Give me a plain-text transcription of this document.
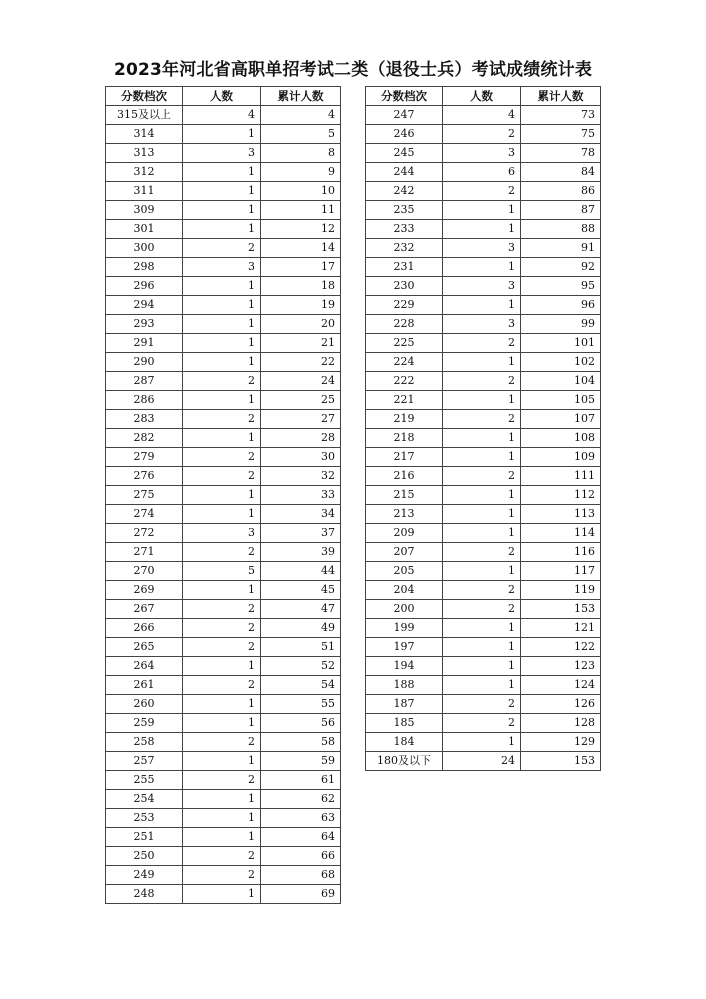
2023年河北省高职单招考试二类（退役士兵）考试成绩统计表
分数档次	人数	累计人数
315及以上	4	4
314	1	5
313	3	8
312	1	9
311	1	10
309	1	11
301	1	12
300	2	14
298	3	17
296	1	18
294	1	19
293	1	20
291	1	21
290	1	22
287	2	24
286	1	25
283	2	27
282	1	28
279	2	30
276	2	32
275	1	33
274	1	34
272	3	37
271	2	39
270	5	44
269	1	45
267	2	47
266	2	49
265	2	51
264	1	52
261	2	54
260	1	55
259	1	56
258	2	58
257	1	59
255	2	61
254	1	62
253	1	63
251	1	64
250	2	66
249	2	68
248	1	69
分数档次	人数	累计人数
247	4	73
246	2	75
245	3	78
244	6	84
242	2	86
235	1	87
233	1	88
232	3	91
231	1	92
230	3	95
229	1	96
228	3	99
225	2	101
224	1	102
222	2	104
221	1	105
219	2	107
218	1	108
217	1	109
216	2	111
215	1	112
213	1	113
209	1	114
207	2	116
205	1	117
204	2	119
200	2	153
199	1	121
197	1	122
194	1	123
188	1	124
187	2	126
185	2	128
184	1	129
180及以下	24	153
